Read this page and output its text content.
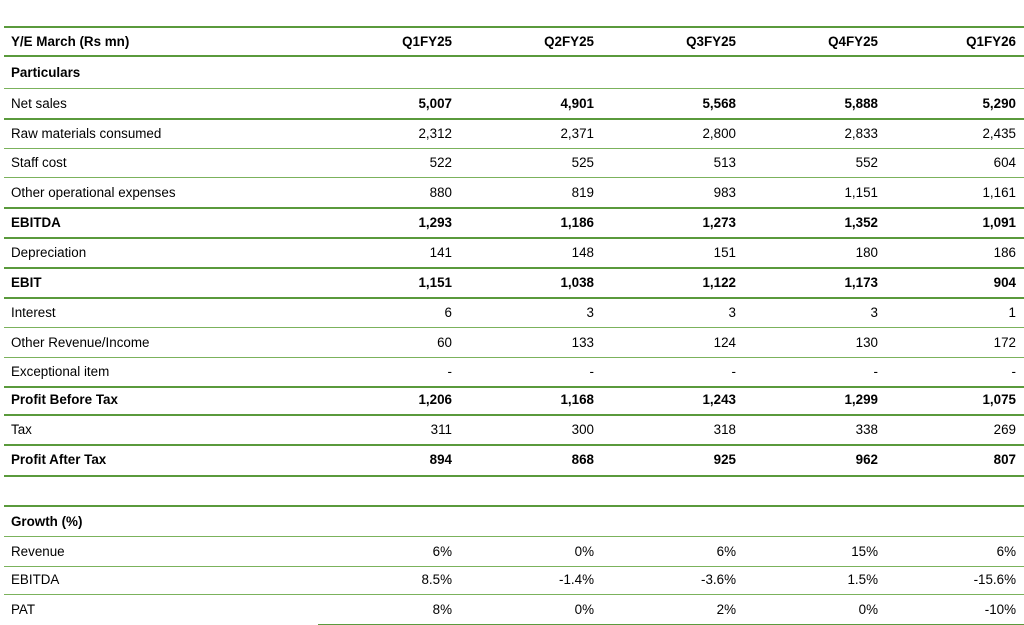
Y/E March (Rs mn)	Q1FY25	Q2FY25	Q3FY25	Q4FY25	Q1FY26
Particulars
Net sales	5,007	4,901	5,568	5,888	5,290
Raw materials consumed	2,312	2,371	2,800	2,833	2,435
Staff cost	522	525	513	552	604
Other operational expenses	880	819	983	1,151	1,161
EBITDA	1,293	1,186	1,273	1,352	1,091
Depreciation	141	148	151	180	186
EBIT	1,151	1,038	1,122	1,173	904
Interest	6	3	3	3	1
Other Revenue/Income	60	133	124	130	172
Exceptional item	-	-	-	-	-
Profit Before Tax	1,206	1,168	1,243	1,299	1,075
Tax	311	300	318	338	269
Profit After Tax	894	868	925	962	807
Growth (%)
Revenue	6%	0%	6%	15%	6%
EBITDA	8.5%	-1.4%	-3.6%	1.5%	-15.6%
PAT	8%	0%	2%	0%	-10%
